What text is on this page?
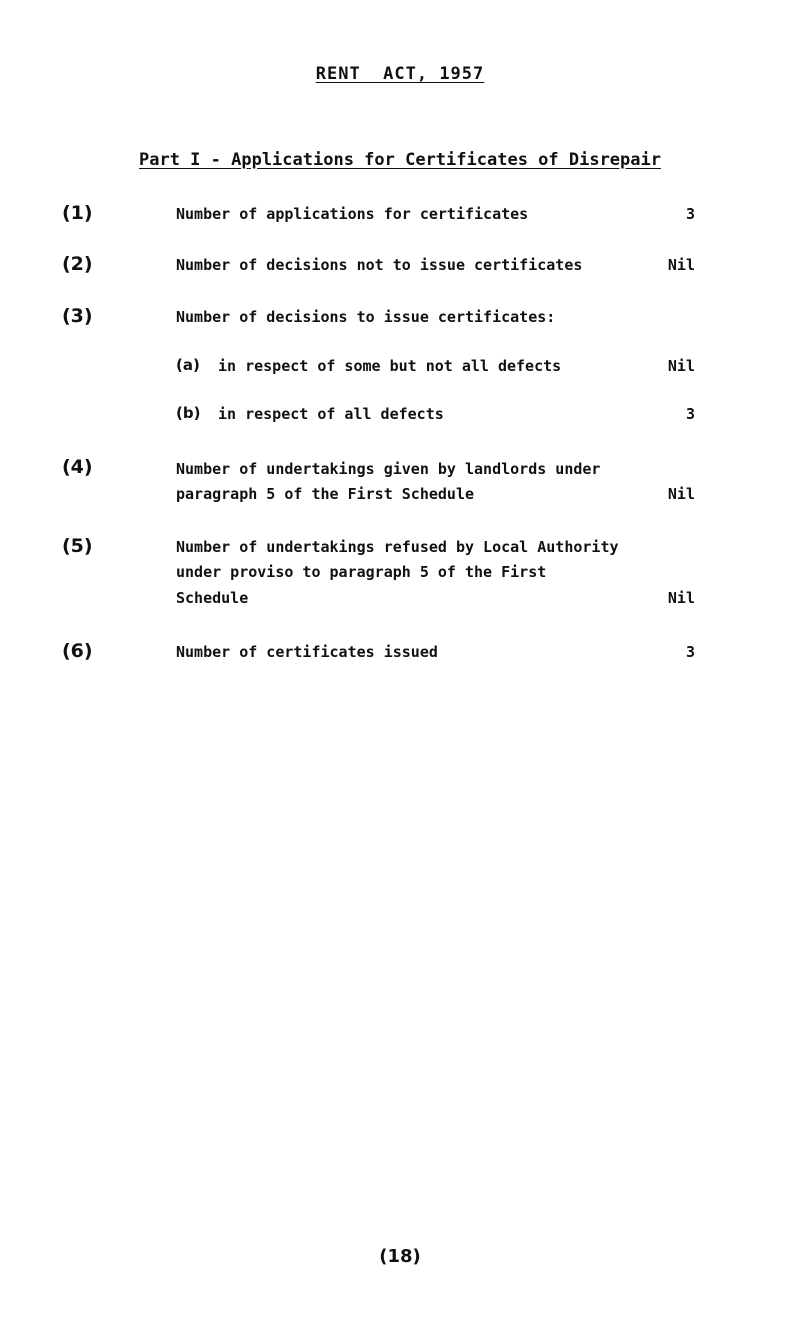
RENT  ACT, 1957
Part I - Applications for Certificates of Disrepair
(1)	Number of applications for certificates	3
(2)	Number of decisions not to issue certificates	Nil
(3)	Number of decisions to issue certificates:
(a) in respect of some but not all defects	Nil
(b) in respect of all defects	3
(4)	Number of undertakings given by landlords under
paragraph 5 of the First Schedule	Nil
(5)	Number of undertakings refused by Local Authority
under proviso to paragraph 5 of the First
Schedule	Nil
(6)	Number of certificates issued	3
(18)
